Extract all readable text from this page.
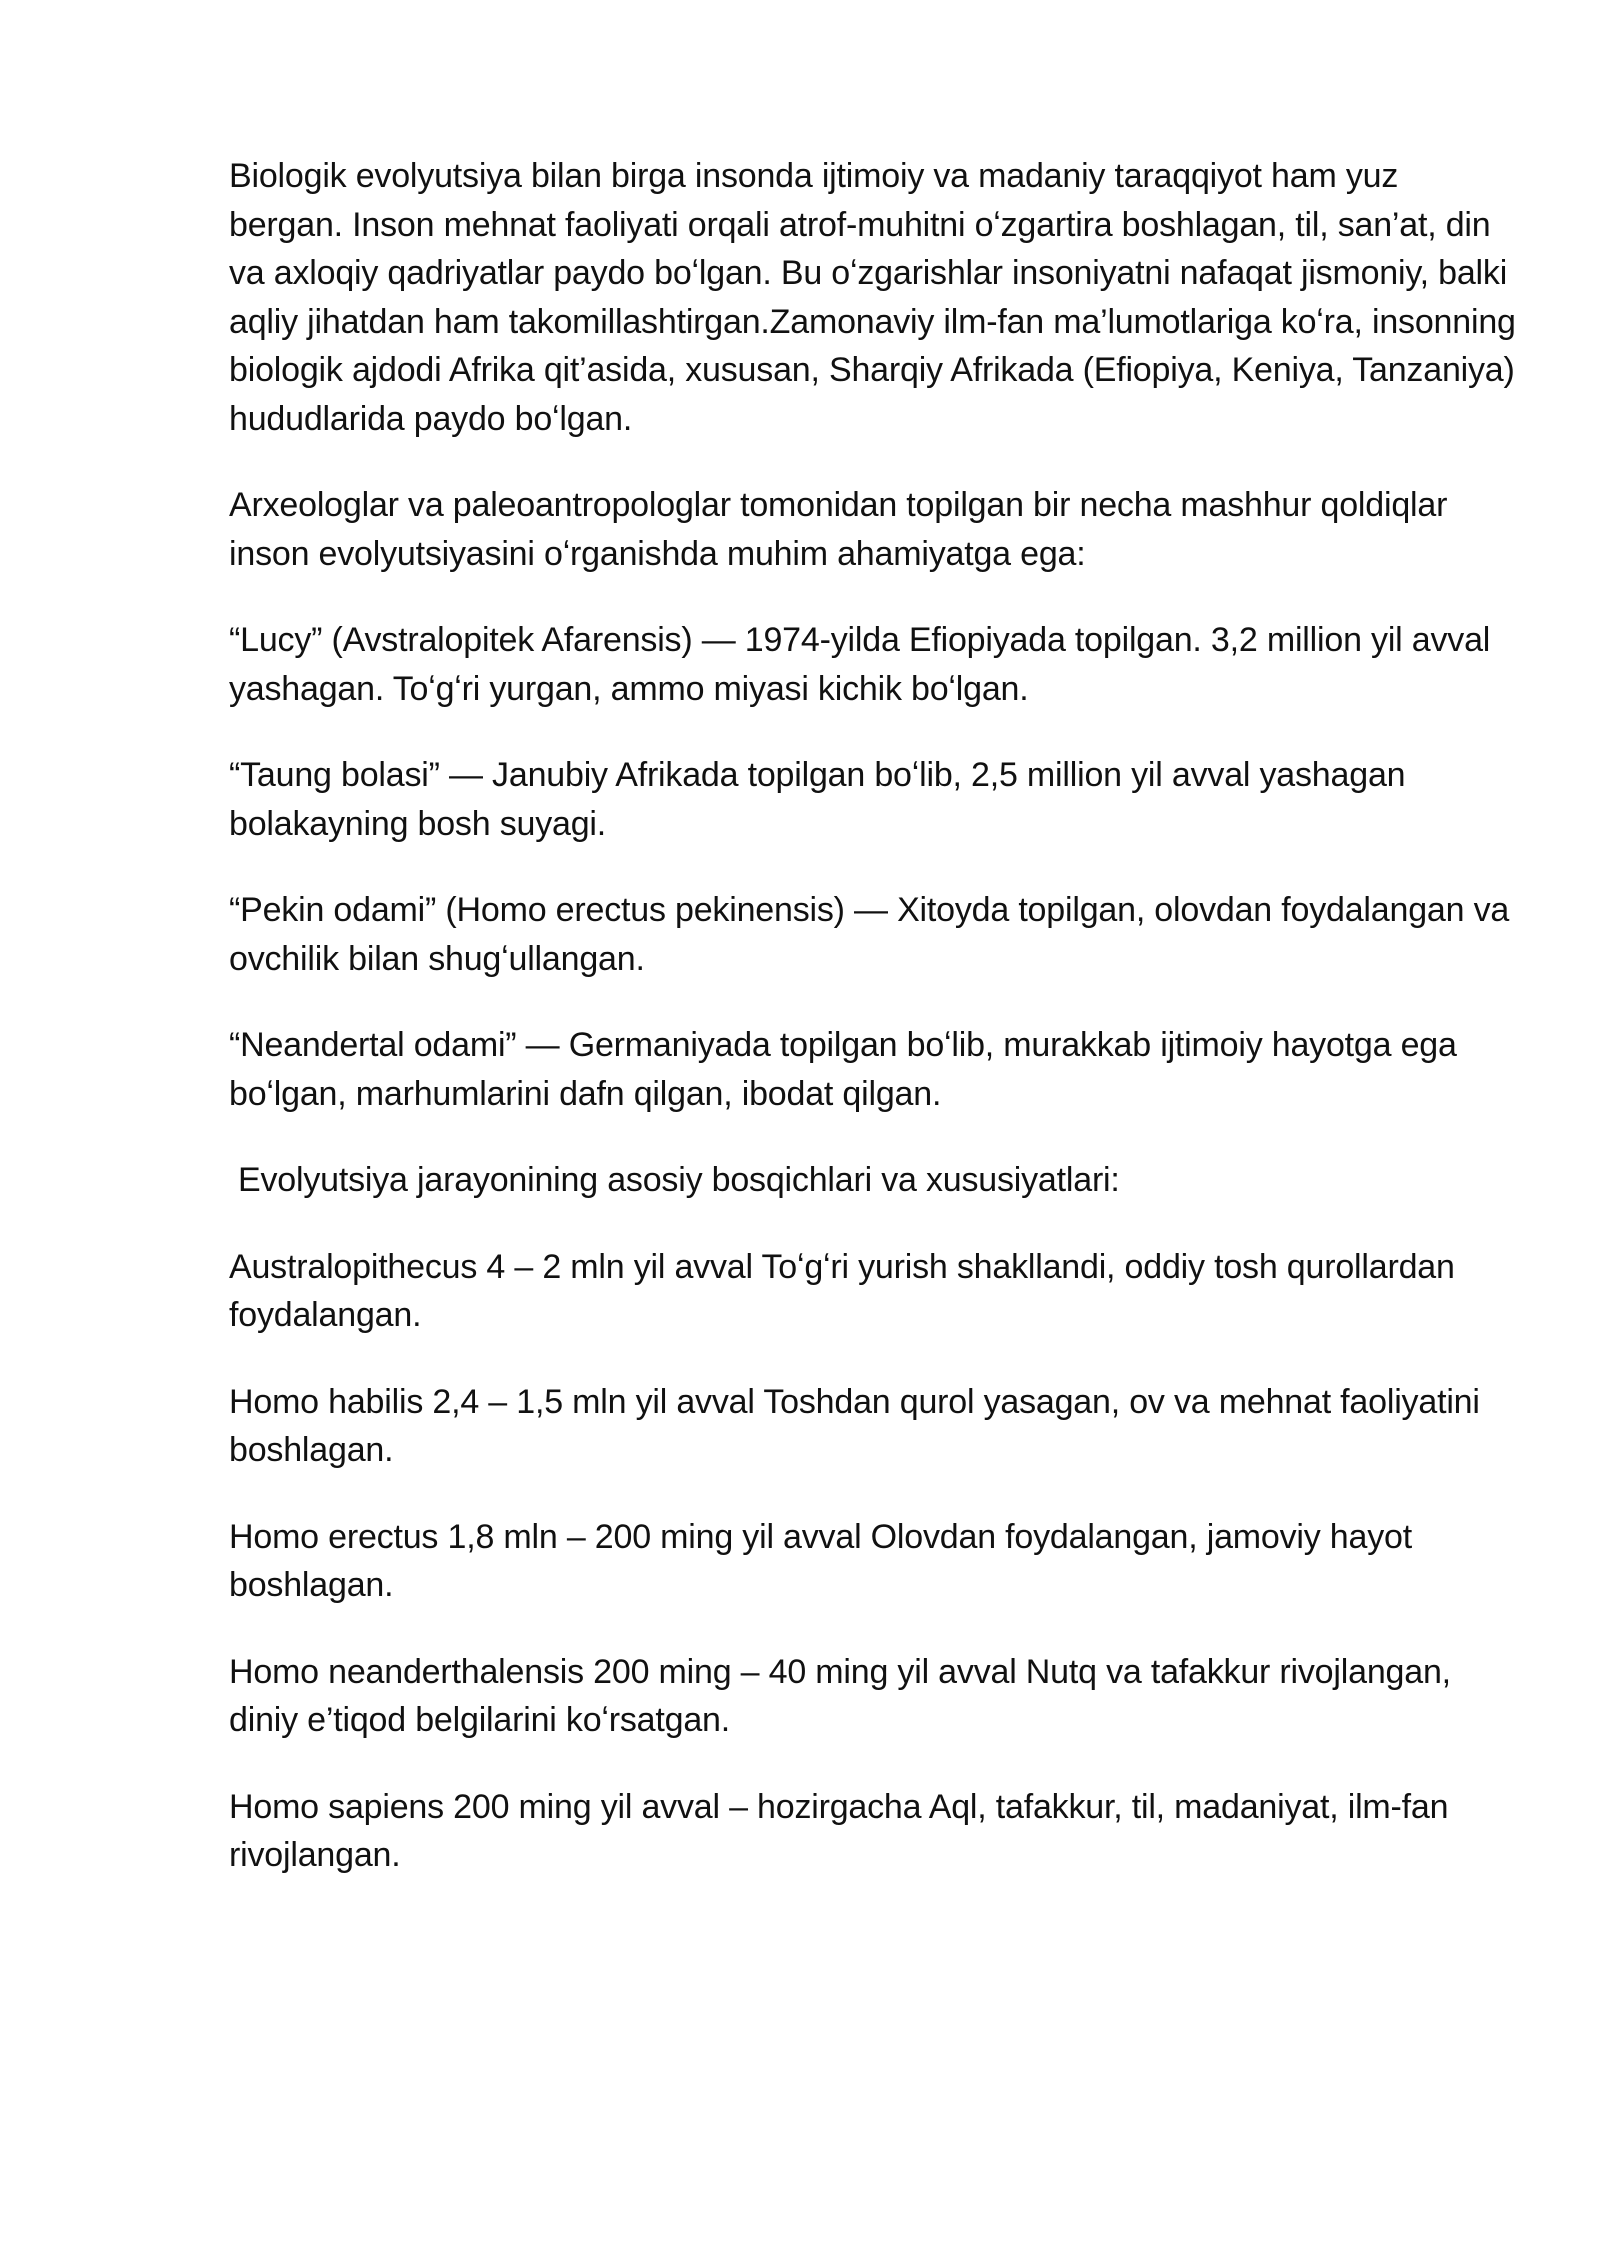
Biologik evolyutsiya bilan birga insonda ijtimoiy va madaniy taraqqiyot ham yuz bergan. Inson mehnat faoliyati orqali atrof-muhitni oʻzgartira boshlagan, til, san’at, din va axloqiy qadriyatlar paydo boʻlgan. Bu oʻzgarishlar insoniyatni nafaqat jismoniy, balki aqliy jihatdan ham takomillashtirgan.Zamonaviy ilm-fan ma’lumotlariga koʻra, insonning biologik ajdodi Afrika qit’asida, xususan, Sharqiy Afrikada (Efiopiya, Keniya, Tanzaniya) hududlarida paydo boʻlgan.

Arxeologlar va paleoantropologlar tomonidan topilgan bir necha mashhur qoldiqlar inson evolyutsiyasini oʻrganishda muhim ahamiyatga ega:

“Lucy” (Avstralopitek Afarensis) — 1974-yilda Efiopiyada topilgan. 3,2 million yil avval yashagan. Toʻgʻri yurgan, ammo miyasi kichik boʻlgan.

“Taung bolasi” — Janubiy Afrikada topilgan boʻlib, 2,5 million yil avval yashagan bolakayning bosh suyagi.

“Pekin odami” (Homo erectus pekinensis) — Xitoyda topilgan, olovdan foydalangan va ovchilik bilan shugʻullangan.

“Neandertal odami” — Germaniyada topilgan boʻlib, murakkab ijtimoiy hayotga ega boʻlgan, marhumlarini dafn qilgan, ibodat qilgan.

Evolyutsiya jarayonining asosiy bosqichlari va xususiyatlari:

Australopithecus 4 – 2 mln yil avval Toʻgʻri yurish shakllandi, oddiy tosh qurollardan foydalangan.

Homo habilis 2,4 – 1,5 mln yil avval Toshdan qurol yasagan, ov va mehnat faoliyatini boshlagan.

Homo erectus 1,8 mln – 200 ming yil avval Olovdan foydalangan, jamoviy hayot boshlagan.

Homo neanderthalensis 200 ming – 40 ming yil avval Nutq va tafakkur rivojlangan, diniy e’tiqod belgilarini koʻrsatgan.

Homo sapiens 200 ming yil avval – hozirgacha Aql, tafakkur, til, madaniyat, ilm-fan rivojlangan.
